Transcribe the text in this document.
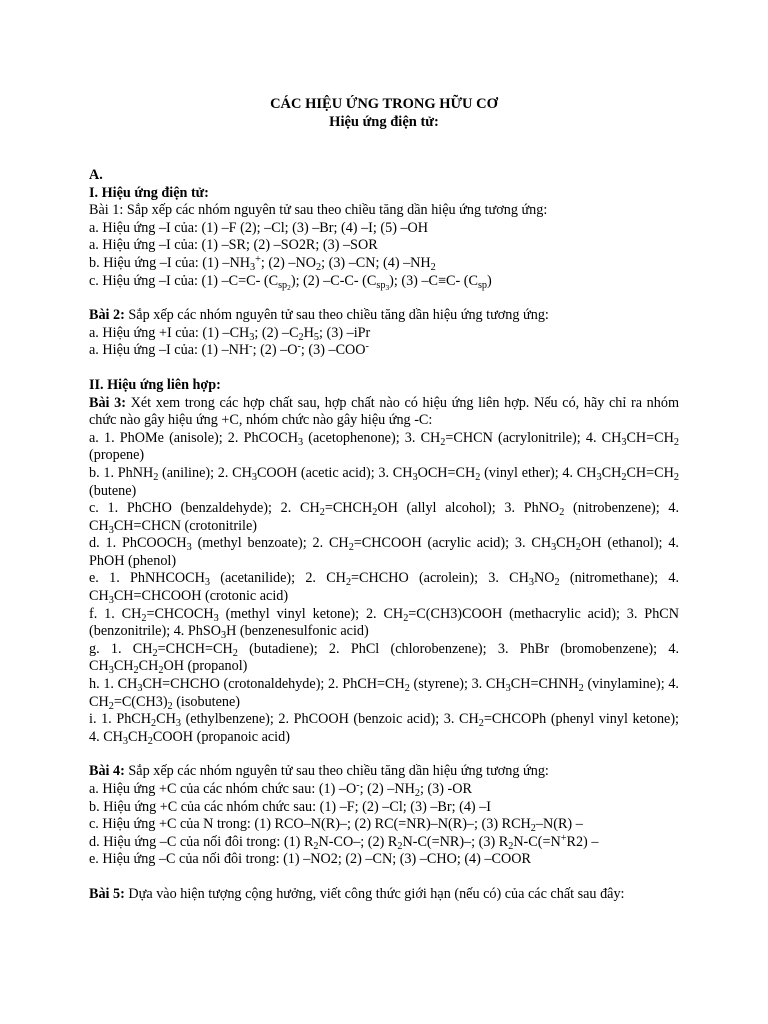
CÁC HIỆU ỨNG TRONG HỮU CƠ
Hiệu ứng điện tử:
A.
I. Hiệu ứng điện tử:
Bài 1: Sắp xếp các nhóm nguyên tử sau theo chiều tăng dần hiệu ứng tương ứng:
a. Hiệu ứng –I của: (1) –F (2); –Cl; (3) –Br; (4) –I; (5) –OH
a. Hiệu ứng –I của: (1) –SR; (2) –SO2R; (3) –SOR
b. Hiệu ứng –I của: (1) $-NH_3^+$; (2) $-NO_2$; (3) –CN; (4) $-NH_2$
c. Hiệu ứng –I của: (1) –C=C- $(C_{sp_2})$; (2) –C-C- $(C_{sp_3})$; (3) –C≡C- $(C_{sp})$
Bài 2: Sắp xếp các nhóm nguyên tử sau theo chiều tăng dần hiệu ứng tương ứng:
a. Hiệu ứng +I của: (1) $-CH_3$; (2) $-C_2H_5$; (3) –iPr
a. Hiệu ứng –I của: (1) –NH-; (2) –O-; (3) –COO-
II. Hiệu ứng liên hợp:
Bài 3: Xét xem trong các hợp chất sau, hợp chất nào có hiệu ứng liên hợp. Nếu có, hãy chỉ ra nhóm chức nào gây hiệu ứng +C, nhóm chức nào gây hiệu ứng -C:
a. 1. PhOMe (anisole); 2. PhCOCH$_3$ (acetophenone); 3. $CH_2=CHCN$ (acrylonitrile); 4. $CH_3CH=CH_2$ (propene)
b. 1. PhNH$_2$ (aniline); 2. $CH_3COOH$ (acetic acid); 3. $CH_3OCH=CH_2$ (vinyl ether); 4. $CH_3CH_2CH=CH_2$ (butene)
c. 1. PhCHO (benzaldehyde); 2. $CH_2=CHCH_2OH$ (allyl alcohol); 3. PhNO$_2$ (nitrobenzene); 4. $CH_3CH=CHCN$ (crotonitrile)
d. 1. PhCOOCH$_3$ (methyl benzoate); 2. $CH_2=CHCOOH$ (acrylic acid); 3. $CH_3CH_2OH$ (ethanol); 4. PhOH (phenol)
e. 1. PhNHCOCH$_3$ (acetanilide); 2. $CH_2=CHCHO$ (acrolein); 3. $CH_3NO_2$ (nitromethane); 4. $CH_3CH=CHCOOH$ (crotonic acid)
f. 1. $CH_2=CHCOCH_3$ (methyl vinyl ketone); 2. $CH_2=C(CH3)COOH$ (methacrylic acid); 3. PhCN (benzonitrile); 4. PhSO$_3$H (benzenesulfonic acid)
g. 1. $CH_2=CHCH=CH_2$ (butadiene); 2. PhCl (chlorobenzene); 3. PhBr (bromobenzene); 4. $CH_3CH_2CH_2OH$ (propanol)
h. 1. $CH_3CH=CHCHO$ (crotonaldehyde); 2. $PhCH=CH_2$ (styrene); 3. $CH_3CH=CHNH_2$ (vinylamine); 4. $CH_2=C(CH3)_2$ (isobutene)
i. 1. $PhCH_2CH_3$ (ethylbenzene); 2. PhCOOH (benzoic acid); 3. $CH_2=CHCOPh$ (phenyl vinyl ketone); 4. $CH_3CH_2COOH$ (propanoic acid)
Bài 4: Sắp xếp các nhóm nguyên tử sau theo chiều tăng dần hiệu ứng tương ứng:
a. Hiệu ứng +C của các nhóm chức sau: (1) –O-; (2) $-NH_2$; (3) -OR
b. Hiệu ứng +C của các nhóm chức sau: (1) –F; (2) –Cl; (3) –Br; (4) –I
c. Hiệu ứng +C của N trong: (1) RCO–N(R)–; (2) RC(=NR)–N(R)–; (3) $RCH_2-N(R)$ –
d. Hiệu ứng –C của nối đôi trong: (1) $R_2N-CO-$; (2) $R_2N-C(=NR)-$; (3) $R_2N-C(=N^+R2)$ –
e. Hiệu ứng –C của nối đôi trong: (1) –NO2; (2) –CN; (3) –CHO; (4) –COOR
Bài 5: Dựa vào hiện tượng cộng hưởng, viết công thức giới hạn (nếu có) của các chất sau đây:
